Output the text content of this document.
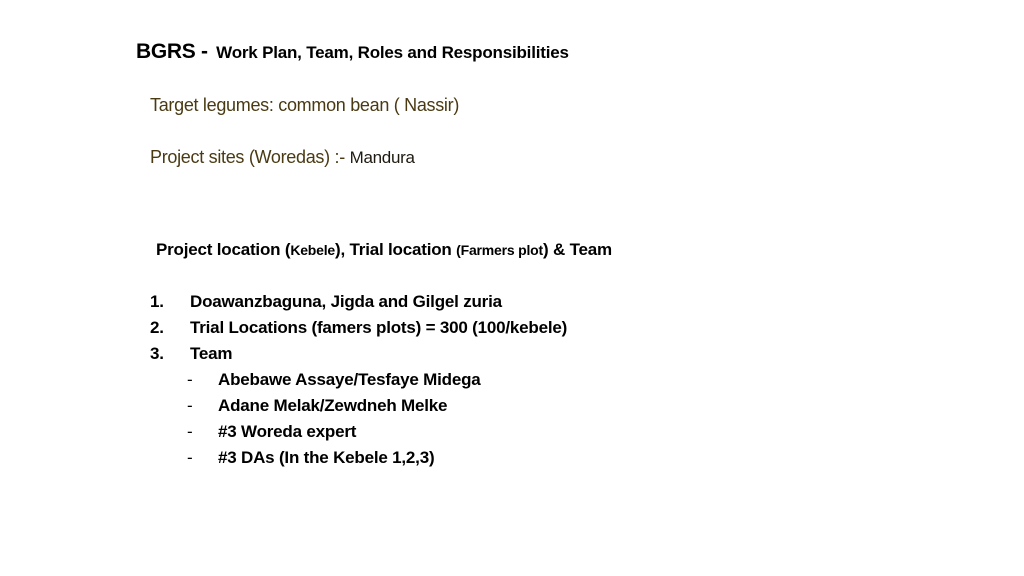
BGRS - Work Plan, Team, Roles and Responsibilities
Target legumes: common bean ( Nassir)
Project sites (Woredas) :- Mandura
Project location (Kebele), Trial location (Farmers plot) & Team
1. Doawanzbaguna, Jigda and Gilgel zuria
2. Trial Locations (famers plots) = 300 (100/kebele)
3. Team
- Abebawe Assaye/Tesfaye Midega
- Adane Melak/Zewdneh Melke
- #3 Woreda expert
- #3 DAs (In the Kebele 1,2,3)
